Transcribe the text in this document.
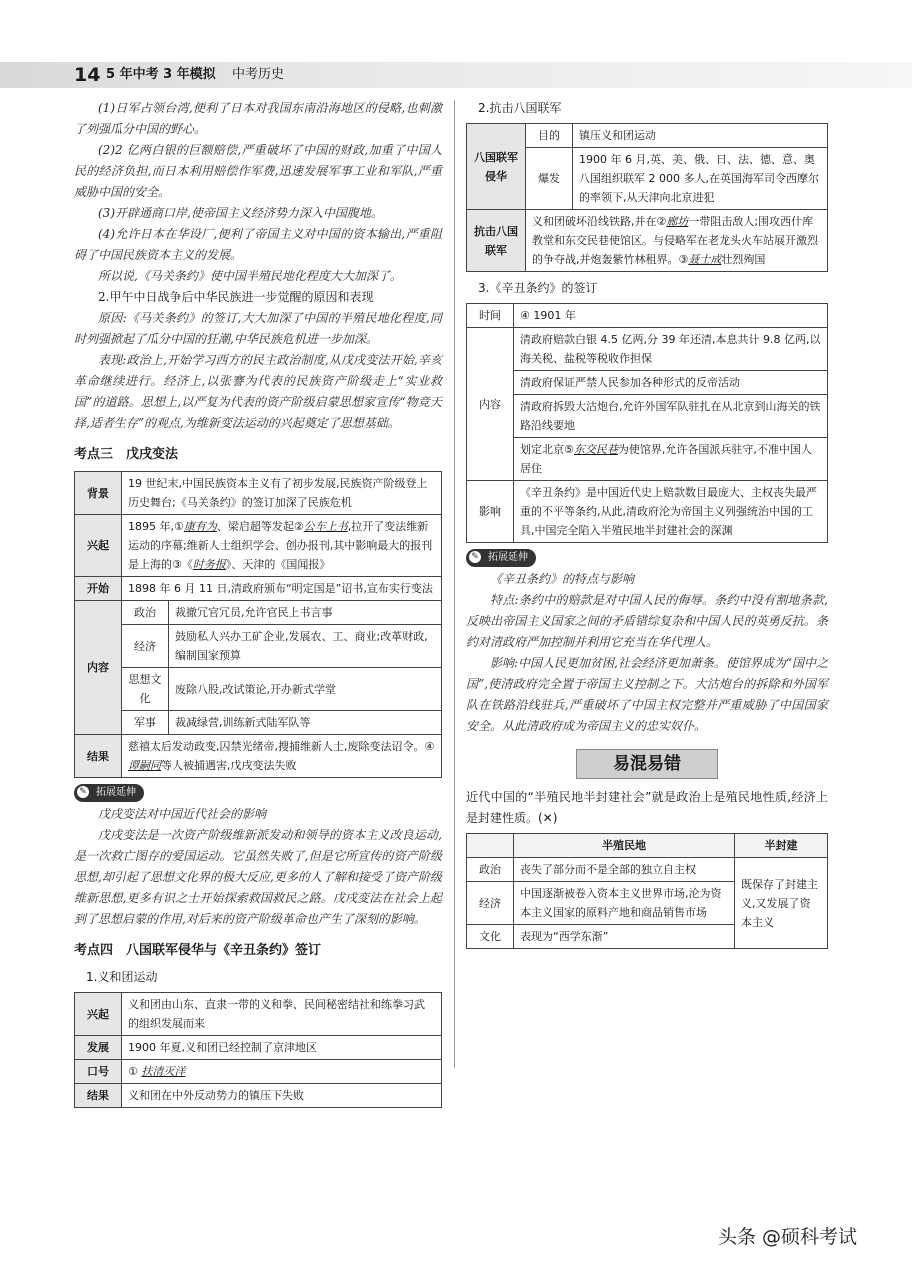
14 5 年中考 3 年模拟 中考历史

(1)日军占领台湾,便利了日本对我国东南沿海地区的侵略,也刺激了列强瓜分中国的野心。

(2)2 亿两白银的巨额赔偿,严重破坏了中国的财政,加重了中国人民的经济负担,而日本利用赔偿作军费,迅速发展军事工业和军队,严重威胁中国的安全。

(3)开辟通商口岸,使帝国主义经济势力深入中国腹地。

(4)允许日本在华设厂,便利了帝国主义对中国的资本输出,严重阻碍了中国民族资本主义的发展。

所以说,《马关条约》使中国半殖民地化程度大大加深了。

2.甲午中日战争后中华民族进一步觉醒的原因和表现

原因:《马关条约》的签订,大大加深了中国的半殖民地化程度,同时列强掀起了瓜分中国的狂潮,中华民族危机进一步加深。

表现:政治上,开始学习西方的民主政治制度,从戊戌变法开始,辛亥革命继续进行。经济上,以张謇为代表的民族资产阶级走上“实业救国”的道路。思想上,以严复为代表的资产阶级启蒙思想家宣传“物竞天择,适者生存”的观点,为维新变法运动的兴起奠定了思想基础。

考点三　戊戌变法
背景	19 世纪末,中国民族资本主义有了初步发展,民族资产阶级登上历史舞台;《马关条约》的签订加深了民族危机	
兴起	1895 年,①康有为、梁启超等发起②公车上书,拉开了变法维新运动的序幕;维新人士组织学会、创办报刊,其中影响最大的报刊是上海的③《时务报》、天津的《国闻报》	
开始	1898 年 6 月 11 日,清政府颁布“明定国是”诏书,宣布实行变法	
内容	政治	裁撤冗官冗员,允许官民上书言事
	经济	鼓励私人兴办工矿企业,发展农、工、商业;改革财政,编制国家预算
	思想文化	废除八股,改试策论,开办新式学堂
	军事	裁减绿营,训练新式陆军队等
结果	慈禧太后发动政变,囚禁光绪帝,搜捕维新人士,废除变法诏令。④谭嗣同等人被捕遇害,戊戌变法失败	
✎ 拓展延伸

戊戌变法对中国近代社会的影响

戊戌变法是一次资产阶级维新派发动和领导的资本主义改良运动,是一次救亡图存的爱国运动。它虽然失败了,但是它所宣传的资产阶级思想,却引起了思想文化界的极大反应,更多的人了解和接受了资产阶级维新思想,更多有识之士开始探索救国救民之路。戊戌变法在社会上起到了思想启蒙的作用,对后来的资产阶级革命也产生了深刻的影响。

考点四　八国联军侵华与《辛丑条约》签订
1.义和团运动
兴起	义和团由山东、直隶一带的义和拳、民间秘密结社和练拳习武的组织发展而来
发展	1900 年夏,义和团已经控制了京津地区
口号	① 扶清灭洋
结果	义和团在中外反动势力的镇压下失败
2.抗击八国联军
八国联军侵华	目的	镇压义和团运动
	爆发	1900 年 6 月,英、美、俄、日、法、德、意、奥八国组织联军 2 000 多人,在英国海军司令西摩尔的率领下,从天津向北京进犯
抗击八国联军	义和团破坏沿线铁路,并在②廊坊一带阻击敌人;围攻西什库教堂和东交民巷使馆区。与侵略军在老龙头火车站展开激烈的争夺战,并炮轰紫竹林租界。③聂士成壮烈殉国	
3.《辛丑条约》的签订
时间	④ 1901 年
内容	清政府赔款白银 4.5 亿两,分 39 年还清,本息共计 9.8 亿两,以海关税、盐税等税收作担保
	清政府保证严禁人民参加各种形式的反帝活动
	清政府拆毁大沽炮台,允许外国军队驻扎在从北京到山海关的铁路沿线要地
	划定北京⑤东交民巷为使馆界,允许各国派兵驻守,不准中国人居住
影响	《辛丑条约》是中国近代史上赔款数目最庞大、主权丧失最严重的不平等条约,从此,清政府沦为帝国主义列强统治中国的工具,中国完全陷入半殖民地半封建社会的深渊
✎ 拓展延伸

《辛丑条约》的特点与影响

特点:条约中的赔款是对中国人民的侮辱。条约中没有割地条款,反映出帝国主义国家之间的矛盾错综复杂和中国人民的英勇反抗。条约对清政府严加控制并利用它充当在华代理人。

影响:中国人民更加贫困,社会经济更加萧条。使馆界成为“国中之国”,使清政府完全置于帝国主义控制之下。大沽炮台的拆除和外国军队在铁路沿线驻兵,严重破坏了中国主权完整并严重威胁了中国国家安全。从此清政府成为帝国主义的忠实奴仆。

易混易错

近代中国的“半殖民地半封建社会”就是政治上是殖民地性质,经济上是封建性质。(✕)

	半殖民地	半封建
政治	丧失了部分而不是全部的独立自主权	既保存了封建主义,又发展了资本主义
经济	中国逐渐被卷入资本主义世界市场,沦为资本主义国家的原料产地和商品销售市场	
文化	表现为“西学东渐”	
头条 @硕科考试
